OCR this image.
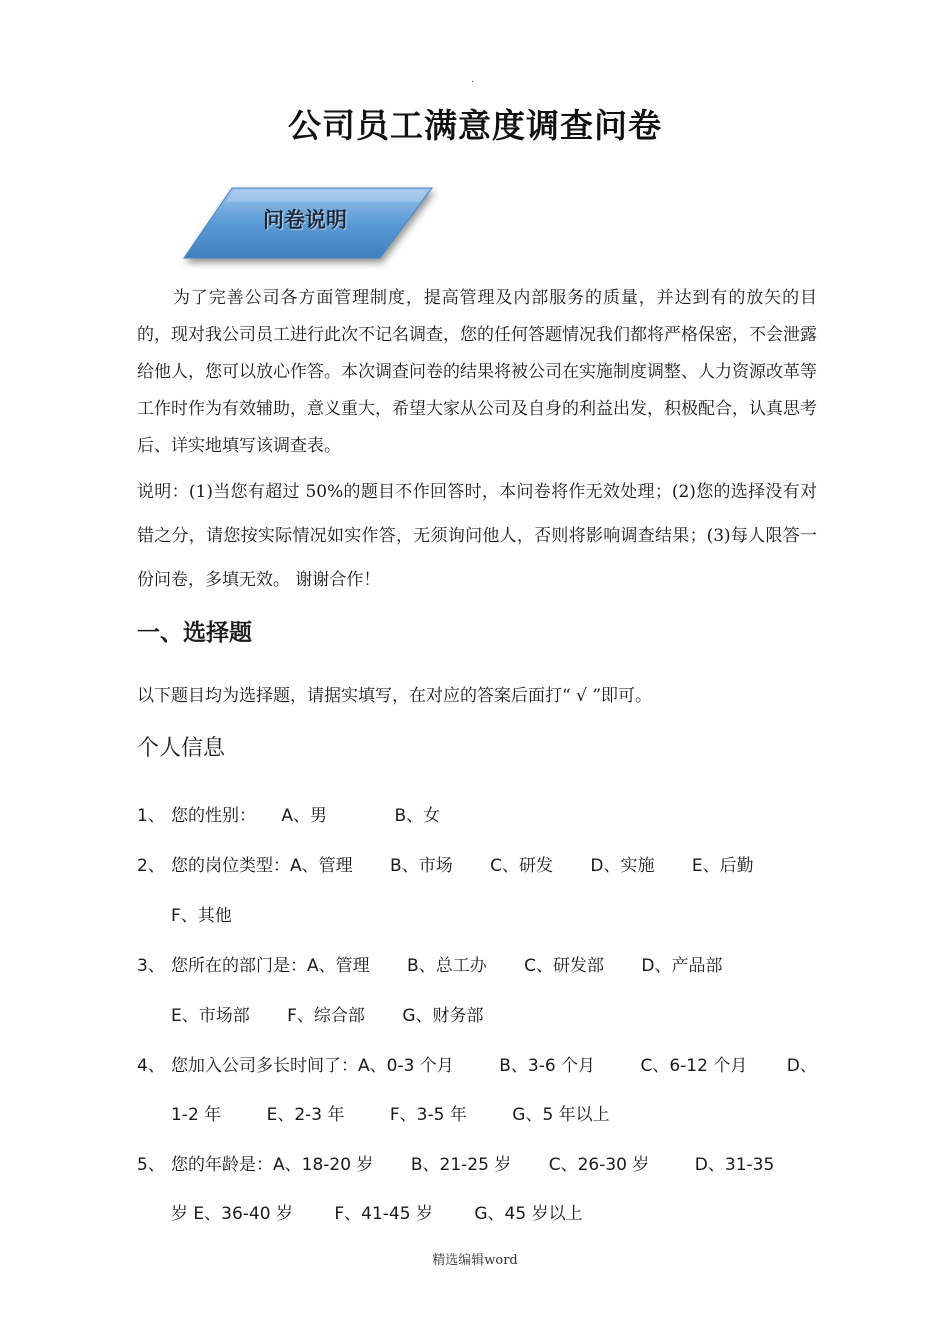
.
公司员工满意度调查问卷
问卷说明

为了完善公司各方面管理制度，提高管理及内部服务的质量，并达到有的放矢的目的，现对我公司员工进行此次不记名调查，您的任何答题情况我们都将严格保密，不会泄露给他人，您可以放心作答。本次调查问卷的结果将被公司在实施制度调整、人力资源改革等工作时作为有效辅助，意义重大，希望大家从公司及自身的利益出发，积极配合，认真思考后、详实地填写该调查表。

说明：(1)当您有超过 50%的题目不作回答时，本问卷将作无效处理；(2)您的选择没有对错之分，请您按实际情况如实作答，无须询问他人，否则将影响调查结果；(3)每人限答一份问卷，多填无效。 谢谢合作！

一、选择题
以下题目均为选择题，请据实填写，在对应的答案后面打“ √ ”即可。
个人信息
1、 您的性别： A、男	B、女
2、 您的岗位类型：A、管理 B、市场 C、研发 D、实施 E、后勤
F、其他
3、 您所在的部门是：A、管理 B、总工办 C、研发部 D、产品部
E、市场部 F、综合部 G、财务部
4、 您加入公司多长时间了：A、0-3 个月	B、3-6 个月	C、6-12 个月 D、
1-2 年	E、2-3 年	F、3-5 年	G、5 年以上
5、 您的年龄是：A、18-20 岁 B、21-25 岁 C、26-30 岁	D、31-35
岁 E、36-40 岁 F、41-45 岁 G、45 岁以上
精选编辑word
